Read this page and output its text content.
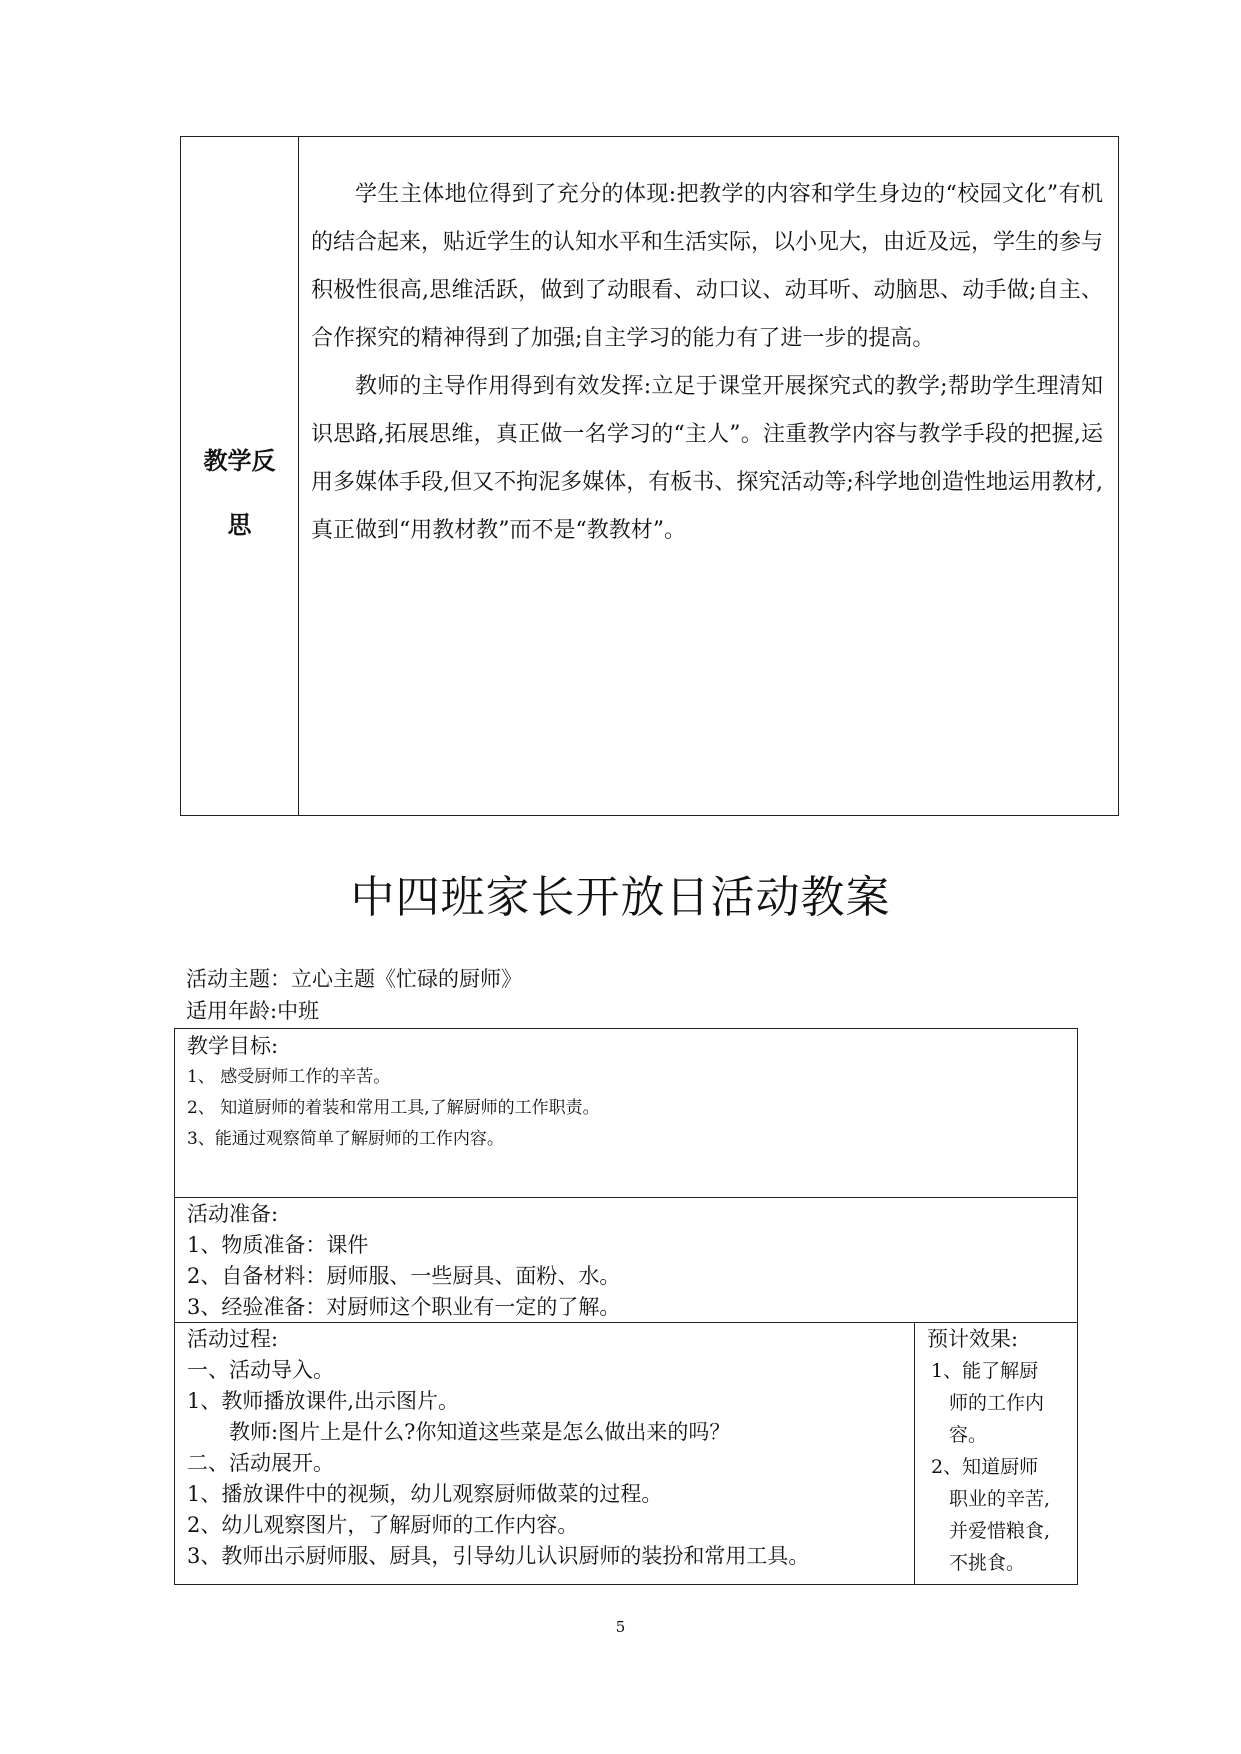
教学反
思

学生主体地位得到了充分的体现:把教学的内容和学生身边的“校园文化”有机的结合起来，贴近学生的认知水平和生活实际，以小见大，由近及远，学生的参与积极性很高,思维活跃，做到了动眼看、动口议、动耳听、动脑思、动手做;自主、合作探究的精神得到了加强;自主学习的能力有了进一步的提高。

教师的主导作用得到有效发挥:立足于课堂开展探究式的教学;帮助学生理清知识思路,拓展思维，真正做一名学习的“主人”。注重教学内容与教学手段的把握,运用多媒体手段,但又不拘泥多媒体，有板书、探究活动等;科学地创造性地运用教材,真正做到“用教材教”而不是“教教材”。

中四班家长开放日活动教案
活动主题：立心主题《忙碌的厨师》
适用年龄:中班
教学目标:
1、 感受厨师工作的辛苦。
2、 知道厨师的着装和常用工具,了解厨师的工作职责。
3、能通过观察简单了解厨师的工作内容。
活动准备:
1、物质准备：课件
2、自备材料：厨师服、一些厨具、面粉、水。
3、经验准备：对厨师这个职业有一定的了解。
活动过程:
一、活动导入。
1、教师播放课件,出示图片。
教师:图片上是什么?你知道这些菜是怎么做出来的吗？
二、活动展开。
1、播放课件中的视频，幼儿观察厨师做菜的过程。
2、幼儿观察图片，了解厨师的工作内容。
3、教师出示厨师服、厨具，引导幼儿认识厨师的装扮和常用工具。
预计效果:
1、能了解厨
师的工作内
容。
2、知道厨师
职业的辛苦,
并爱惜粮食,
不挑食。
5
